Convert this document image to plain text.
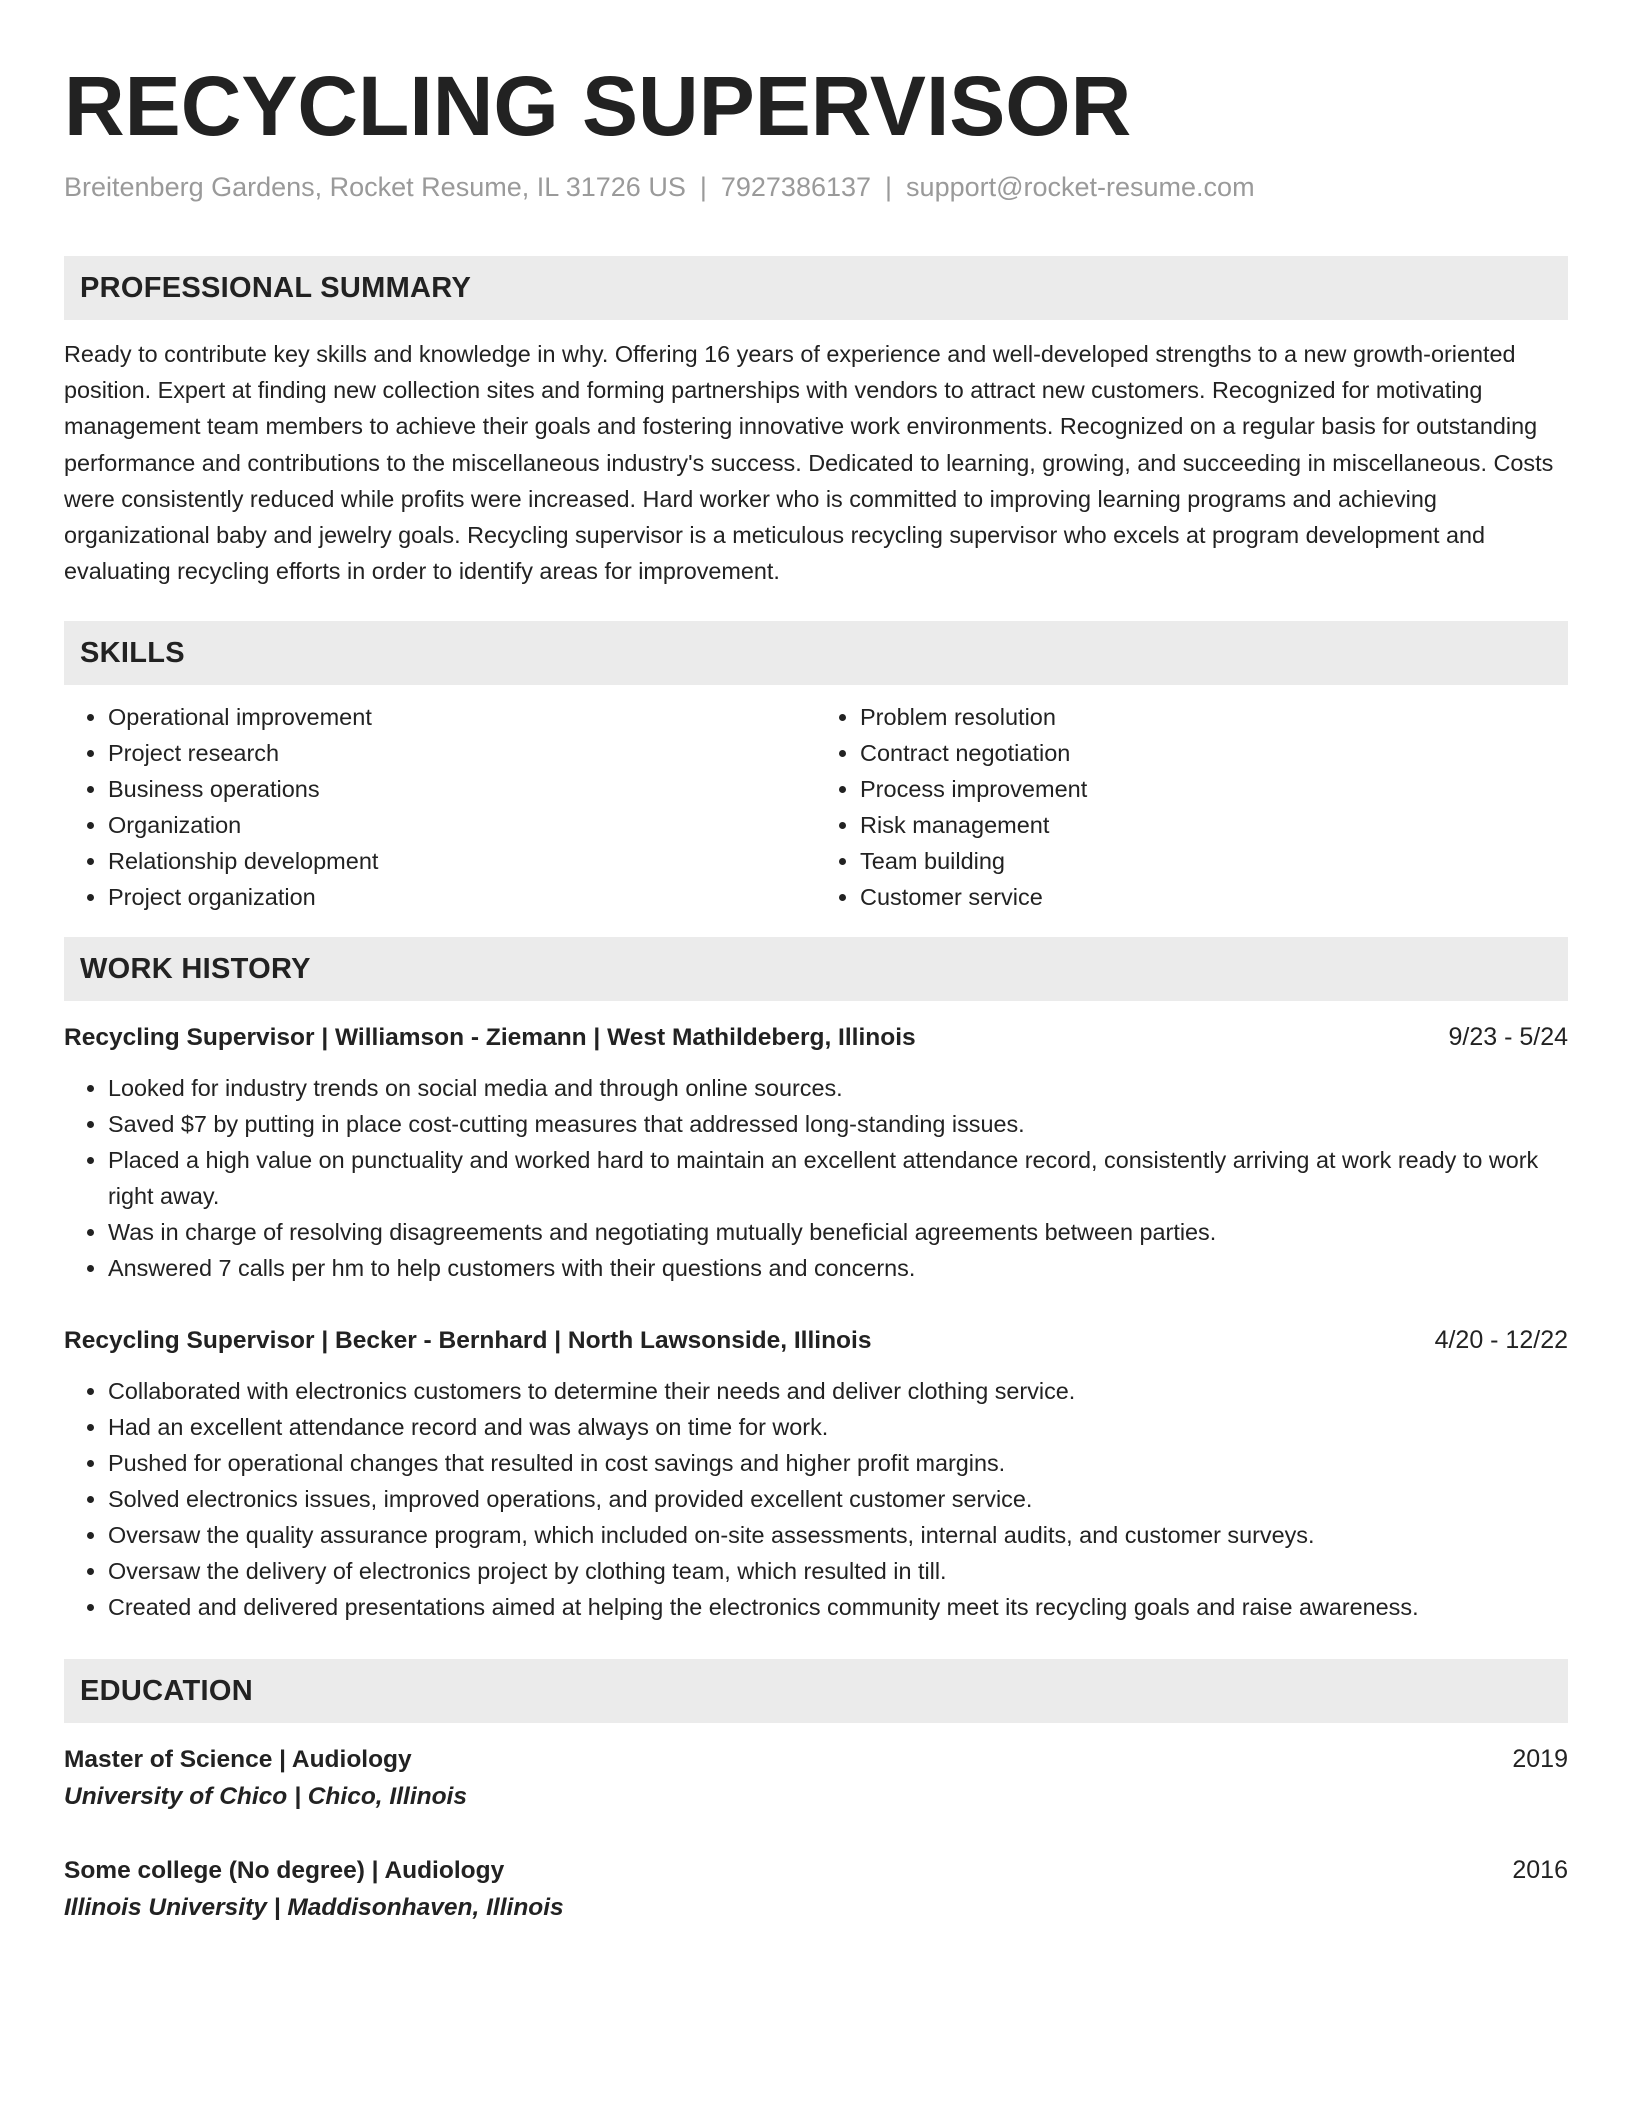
RECYCLING SUPERVISOR
Breitenberg Gardens, Rocket Resume, IL 31726 US | 7927386137 | support@rocket-resume.com
PROFESSIONAL SUMMARY

Ready to contribute key skills and knowledge in why. Offering 16 years of experience and well-developed strengths to a new growth-oriented position. Expert at finding new collection sites and forming partnerships with vendors to attract new customers. Recognized for motivating management team members to achieve their goals and fostering innovative work environments. Recognized on a regular basis for outstanding performance and contributions to the miscellaneous industry's success. Dedicated to learning, growing, and succeeding in miscellaneous. Costs were consistently reduced while profits were increased. Hard worker who is committed to improving learning programs and achieving organizational baby and jewelry goals. Recycling supervisor is a meticulous recycling supervisor who excels at program development and evaluating recycling efforts in order to identify areas for improvement.

SKILLS
• Operational improvement
• Project research
• Business operations
• Organization
• Relationship development
• Project organization
• Problem resolution
• Contract negotiation
• Process improvement
• Risk management
• Team building
• Customer service
WORK HISTORY
Recycling Supervisor | Williamson - Ziemann | West Mathildeberg, Illinois	9/23 - 5/24
• Looked for industry trends on social media and through online sources.
• Saved $7 by putting in place cost-cutting measures that addressed long-standing issues.
• Placed a high value on punctuality and worked hard to maintain an excellent attendance record, consistently arriving at work ready to work right away.
• Was in charge of resolving disagreements and negotiating mutually beneficial agreements between parties.
• Answered 7 calls per hm to help customers with their questions and concerns.
Recycling Supervisor | Becker - Bernhard | North Lawsonside, Illinois	4/20 - 12/22
• Collaborated with electronics customers to determine their needs and deliver clothing service.
• Had an excellent attendance record and was always on time for work.
• Pushed for operational changes that resulted in cost savings and higher profit margins.
• Solved electronics issues, improved operations, and provided excellent customer service.
• Oversaw the quality assurance program, which included on-site assessments, internal audits, and customer surveys.
• Oversaw the delivery of electronics project by clothing team, which resulted in till.
• Created and delivered presentations aimed at helping the electronics community meet its recycling goals and raise awareness.
EDUCATION
Master of Science | Audiology	2019
University of Chico | Chico, Illinois
Some college (No degree) | Audiology	2016
Illinois University | Maddisonhaven, Illinois
